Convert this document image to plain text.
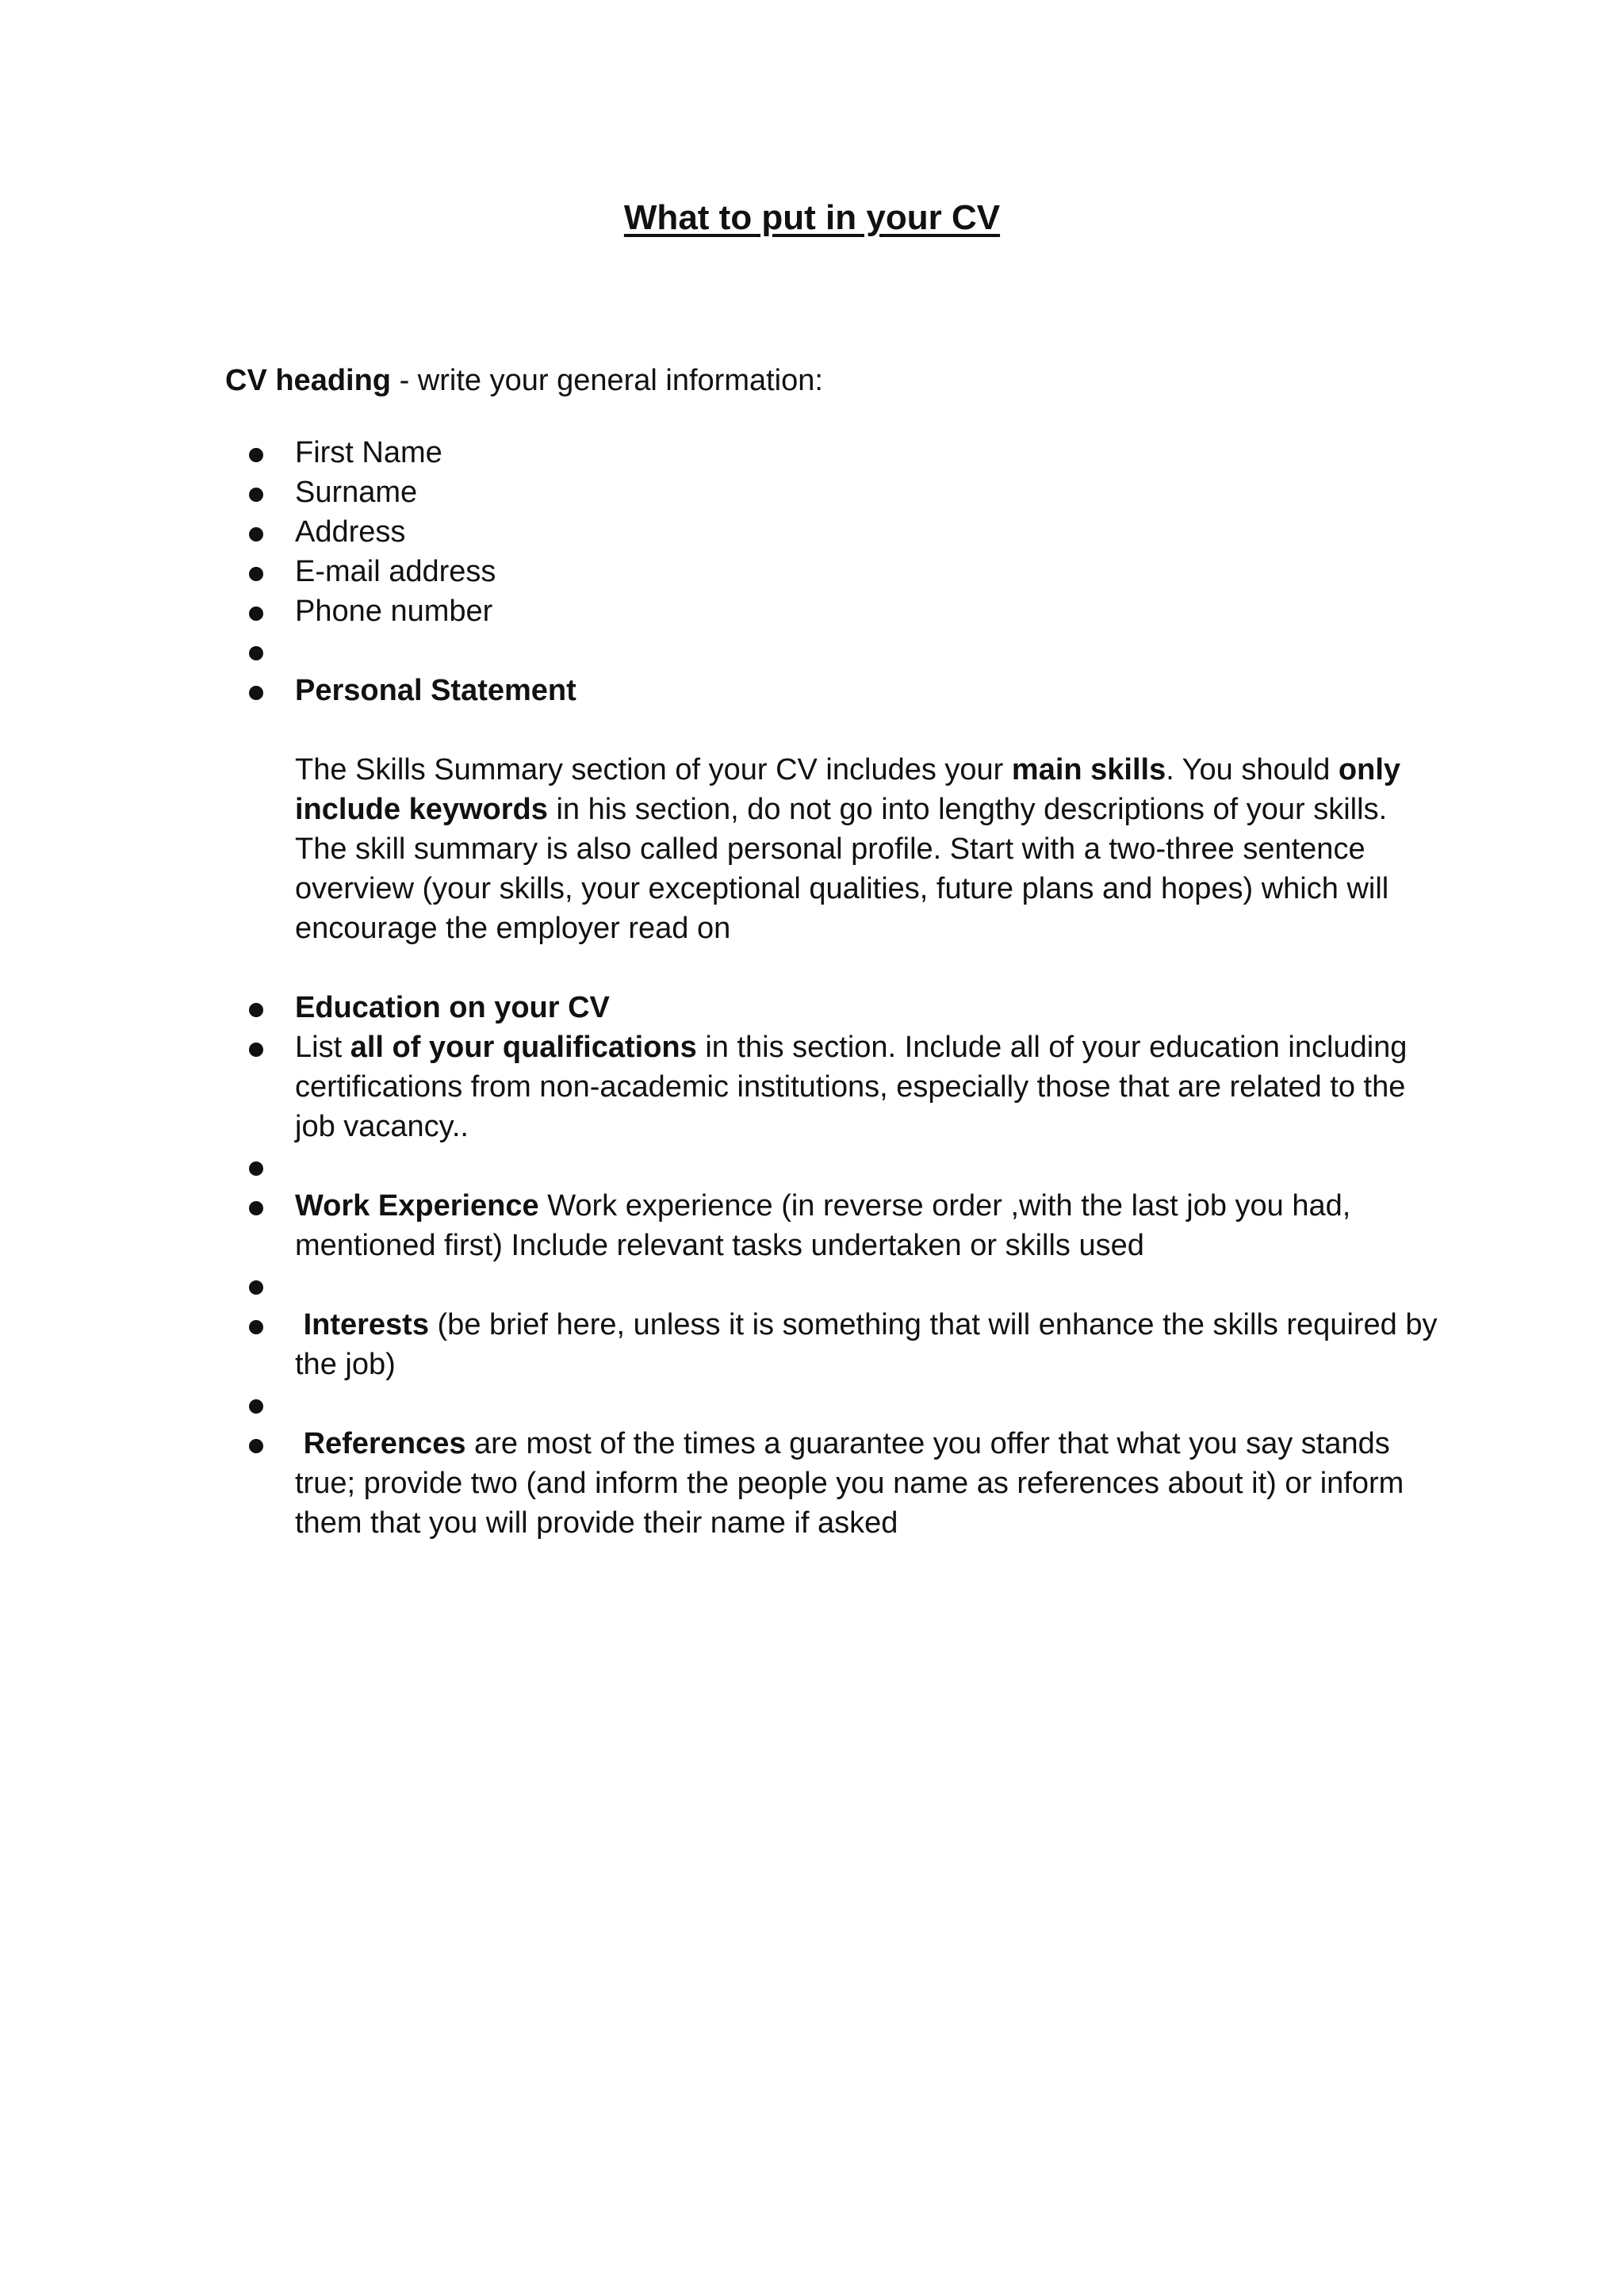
What to put in your CV
CV heading - write your general information:
First Name
Surname
Address
E-mail address
Phone number

Personal Statement
The Skills Summary section of your CV includes your main skills. You should only include keywords in his section, do not go into lengthy descriptions of your skills. The skill summary is also called personal profile. Start with a two-three sentence overview (your skills, your exceptional qualities, future plans and hopes) which will encourage the employer read on
Education on your CV
List all of your qualifications in this section. Include all of your education including certifications from non-academic institutions, especially those that are related to the job vacancy..

Work Experience Work experience (in reverse order ,with the last job you had, mentioned first) Include relevant tasks undertaken or skills used

Interests (be brief here, unless it is something that will enhance the skills required by the job)

References are most of the times a guarantee you offer that what you say stands true; provide two (and inform the people you name as references about it) or inform them that you will provide their name if asked
